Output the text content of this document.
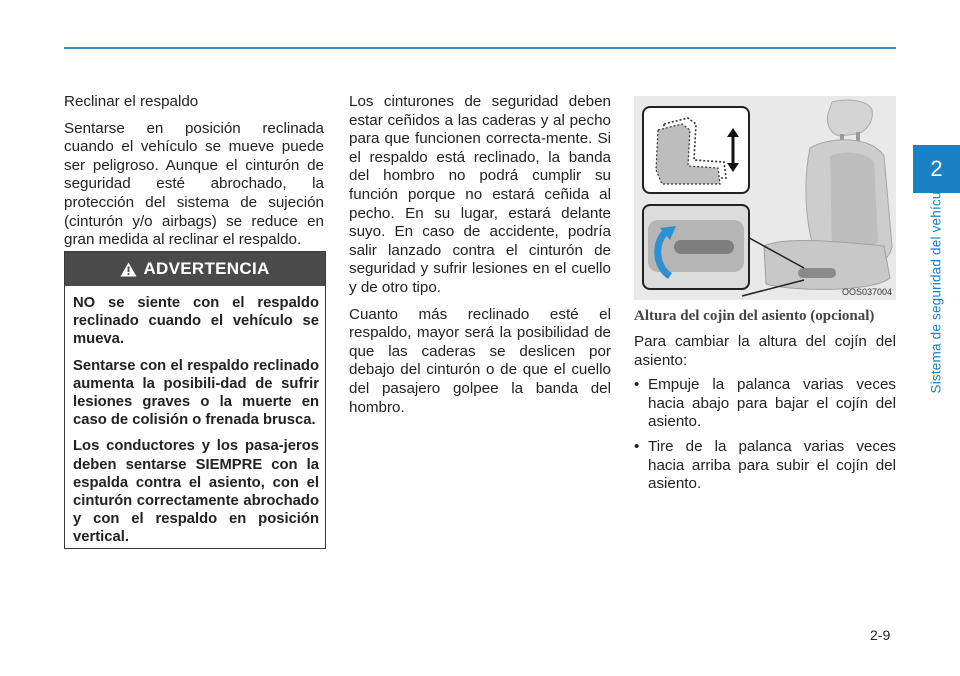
Reclinar el respaldo

Sentarse en posición reclinada cuando el vehículo se mueve puede ser peligroso. Aunque el cinturón de seguridad esté abrochado, la protección del sistema de sujeción (cinturón y/o airbags) se reduce en gran medida al reclinar el respaldo.

ADVERTENCIA

NO se siente con el respaldo reclinado cuando el vehículo se mueva.

Sentarse con el respaldo reclinado aumenta la posibili-dad de sufrir lesiones graves o la muerte en caso de colisión o frenada brusca.

Los conductores y los pasa-jeros deben sentarse SIEMPRE con la espalda contra el asiento, con el cinturón correctamente abrochado y con el respaldo en posición vertical.

Los cinturones de seguridad deben estar ceñidos a las caderas y al pecho para que funcionen correcta-mente. Si el respaldo está reclinado, la banda del hombro no podrá cumplir su función porque no estará ceñida al pecho. En su lugar, estará delante suyo. En caso de accidente, podría salir lanzado contra el cinturón de seguridad y sufrir lesiones en el cuello y de otro tipo.

Cuanto más reclinado esté el respaldo, mayor será la posibilidad de que las caderas se deslicen por debajo del cinturón o de que el cuello del pasajero golpee la banda del hombro.

OOS037004
Altura del cojin del asiento (opcional)

Para cambiar la altura del cojín del asiento:

• Empuje la palanca varias veces hacia abajo para bajar el cojín del asiento.
• Tire de la palanca varias veces hacia arriba para subir el cojín del asiento.
2
Sistema de seguridad del vehículo
2-9
